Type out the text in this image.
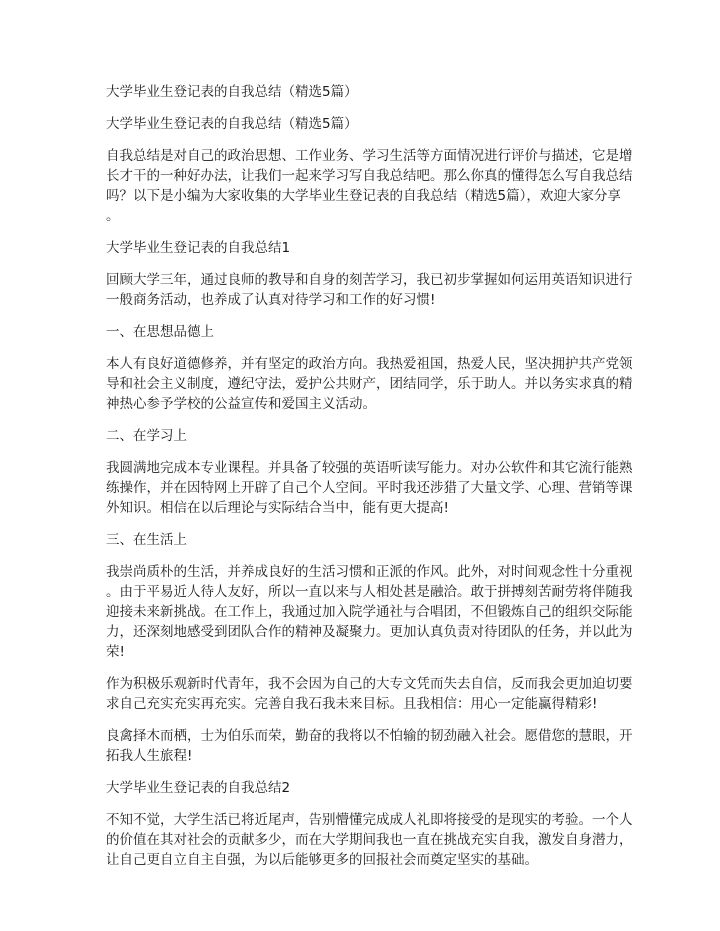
大学毕业生登记表的自我总结（精选5篇）
大学毕业生登记表的自我总结（精选5篇）
自我总结是对自己的政治思想、工作业务、学习生活等方面情况进行评价与描述，它是增
长才干的一种好办法，让我们一起来学习写自我总结吧。那么你真的懂得怎么写自我总结
吗？以下是小编为大家收集的大学毕业生登记表的自我总结（精选5篇），欢迎大家分享
。
大学毕业生登记表的自我总结1
回顾大学三年，通过良师的教导和自身的刻苦学习，我已初步掌握如何运用英语知识进行
一般商务活动，也养成了认真对待学习和工作的好习惯!
一、在思想品德上
本人有良好道德修养，并有坚定的政治方向。我热爱祖国，热爱人民，坚决拥护共产党领
导和社会主义制度，遵纪守法，爱护公共财产，团结同学，乐于助人。并以务实求真的精
神热心参予学校的公益宣传和爱国主义活动。
二、在学习上
我圆满地完成本专业课程。并具备了较强的英语听读写能力。对办公软件和其它流行能熟
练操作，并在因特网上开辟了自己个人空间。平时我还涉猎了大量文学、心理、营销等课
外知识。相信在以后理论与实际结合当中，能有更大提高!
三、在生活上
我崇尚质朴的生活，并养成良好的生活习惯和正派的作风。此外，对时间观念性十分重视
。由于平易近人待人友好，所以一直以来与人相处甚是融洽。敢于拼搏刻苦耐劳将伴随我
迎接未来新挑战。在工作上，我通过加入院学通社与合唱团，不但锻炼自己的组织交际能
力，还深刻地感受到团队合作的精神及凝聚力。更加认真负责对待团队的任务，并以此为
荣!
作为积极乐观新时代青年，我不会因为自己的大专文凭而失去自信，反而我会更加迫切要
求自己充实充实再充实。完善自我石我未来目标。且我相信：用心一定能赢得精彩!
良禽择木而栖，士为伯乐而荣，勤奋的我将以不怕输的韧劲融入社会。愿借您的慧眼，开
拓我人生旅程!
大学毕业生登记表的自我总结2
不知不觉，大学生活已将近尾声，告别懵懂完成成人礼即将接受的是现实的考验。一个人
的价值在其对社会的贡献多少，而在大学期间我也一直在挑战充实自我，激发自身潜力，
让自己更自立自主自强，为以后能够更多的回报社会而奠定坚实的基础。
